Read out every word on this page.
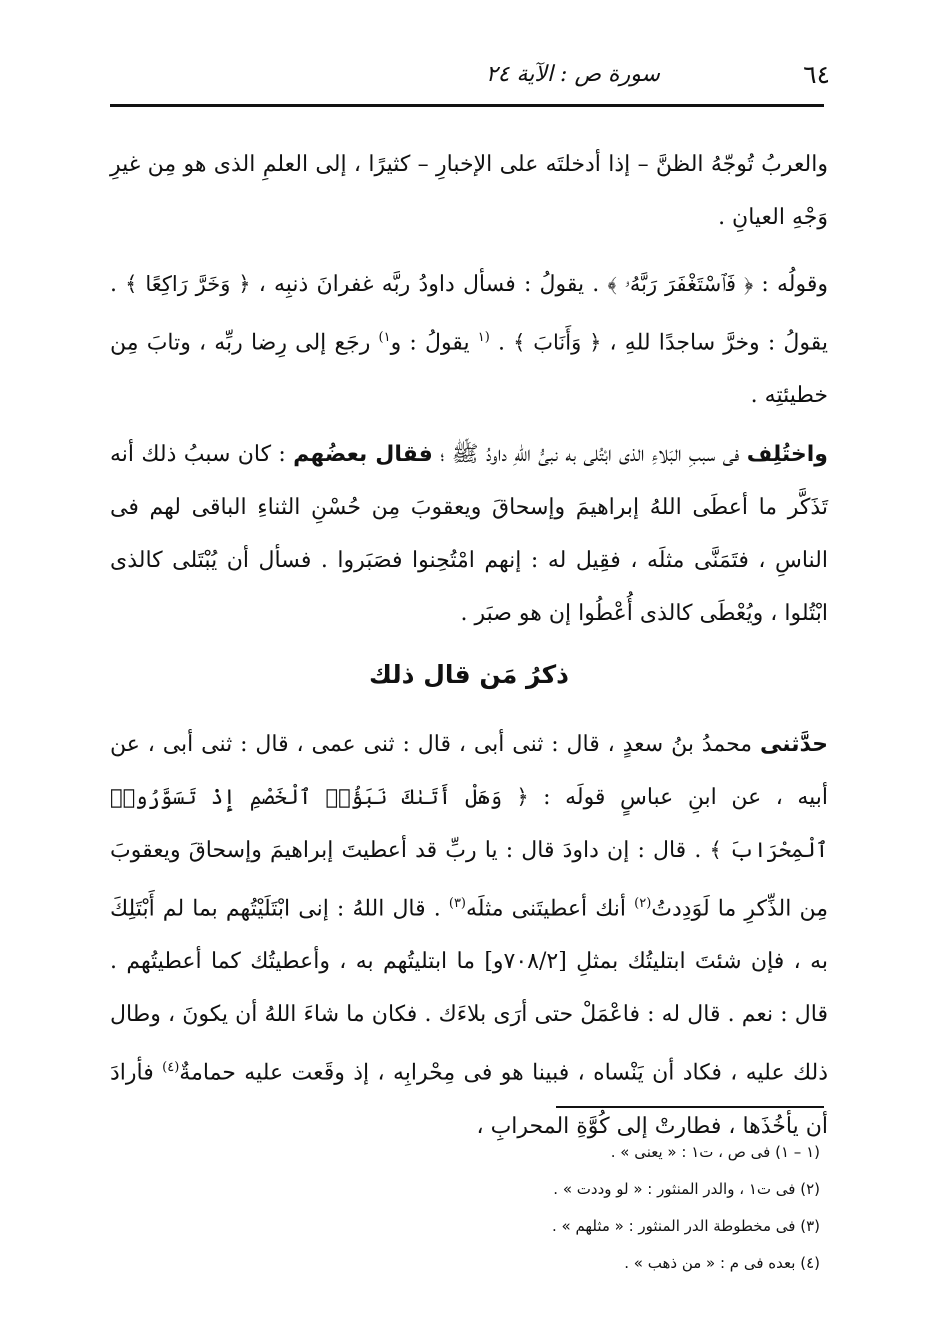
٦٤
سورة ص : الآية ٢٤

والعربُ تُوجّهُ الظنَّ – إذا أدخلتَه على الإخبارِ – كثيرًا ، إلى العلمِ الذى هو مِن غيرِ وَجْهِ العيانِ .

وقولُه : ﴿ فَٱسْتَغْفَرَ رَبَّهُۥ ﴾ . يقولُ : فسأل داودُ ربَّه غفرانَ ذنبِه ، ﴿ وَخَرَّ رَاكِعًا ﴾ . يقولُ : وخرَّ ساجدًا للهِ ، ﴿ وَأَنَابَ ﴾ . $^{(١}$ يقولُ : و$^{١)}$ رجَع إلى رِضا ربِّه ، وتابَ مِن خطيئتِه .

واختُلِف فى سببِ البَلاءِ الذى ابْتُلى به نبىُّ اللهِ داودُ ﷺ ؛ فقال بعضُهم : كان سببُ ذلك أنه تَذَكَّر ما أعطَى اللهُ إبراهيمَ وإسحاقَ ويعقوبَ مِن حُسْنِ الثناءِ الباقى لهم فى الناسِ ، فتَمَنَّى مثلَه ، فقِيل له : إنهم امْتُحِنوا فصَبَروا . فسأل أن يُبْتَلى كالذى ابْتُلوا ، ويُعْطَى كالذى أُعْطُوا إن هو صبَر .

ذكرُ مَن قال ذلك

حدَّثنى محمدُ بنُ سعدٍ ، قال : ثنى أبى ، قال : ثنى عمى ، قال : ثنى أبى ، عن أبيه ، عن ابنِ عباسٍ قولَه : ﴿ وَهَلْ أَتَىٰكَ نَبَؤُا۟ ٱلْخَصْمِ إِذْ تَسَوَّرُوا۟ ٱلْمِحْرَابَ ﴾ . قال : إن داودَ قال : يا ربِّ قد أعطيتَ إبراهيمَ وإسحاقَ ويعقوبَ مِن الذِّكرِ ما لَوَدِدتُ$^{(٢)}$ أنك أعطيتَنى مثلَه$^{(٣)}$ . قال اللهُ : إنى ابْتَلَيْتُهم بما لم أَبْتَلِكَ به ، فإن شئتَ ابتليتُك بمثلِ [٧٠٨/٢و] ما ابتليتُهم به ، وأعطيتُك كما أعطيتُهم . قال : نعم . قال له : فاعْمَلْ حتى أرَى بلاءَك . فكان ما شاءَ اللهُ أن يكونَ ، وطال ذلك عليه ، فكاد أن يَنْساه ، فبينا هو فى مِحْرابِه ، إذ وقَعت عليه حمامةٌ$^{(٤)}$ فأرادَ أن يأخُذَها ، فطارتْ إلى كُوَّةِ المحرابِ ،

(١ – ١) فى ص ، ت١ : « يعنى » .
(٢) فى ت١ ، والدر المنثور : « لو وددت » .
(٣) فى مخطوطة الدر المنثور : « مثلهم » .
(٤) بعده فى م : « من ذهب » .
